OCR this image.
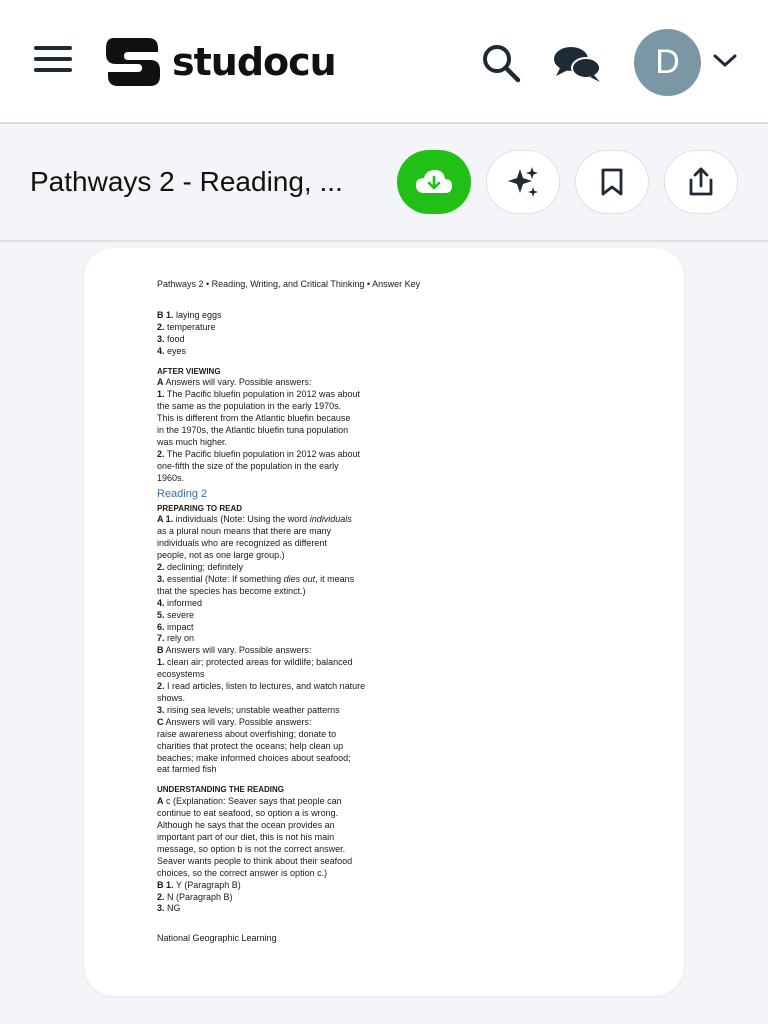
studocu	D
Pathways 2 - Reading, ...
Pathways 2 • Reading, Writing, and Critical Thinking • Answer Key
B 1. laying eggs
2. temperature
3. food
4. eyes
AFTER VIEWING
A Answers will vary. Possible answers:
1. The Pacific bluefin population in 2012 was about
the same as the population in the early 1970s.
This is different from the Atlantic bluefin because
in the 1970s, the Atlantic bluefin tuna population
was much higher.
2. The Pacific bluefin population in 2012 was about
one-fifth the size of the population in the early
1960s.
Reading 2
PREPARING TO READ
A 1. individuals (Note: Using the word individuals
as a plural noun means that there are many
individuals who are recognized as different
people, not as one large group.)
2. declining; definitely
3. essential (Note: If something dies out, it means
that the species has become extinct.)
4. informed
5. severe
6. impact
7. rely on
B Answers will vary. Possible answers:
1. clean air; protected areas for wildlife; balanced
ecosystems
2. I read articles, listen to lectures, and watch nature
shows.
3. rising sea levels; unstable weather patterns
C Answers will vary. Possible answers:
raise awareness about overfishing; donate to
charities that protect the oceans; help clean up
beaches; make informed choices about seafood;
eat farmed fish
UNDERSTANDING THE READING
A c (Explanation: Seaver says that people can
continue to eat seafood, so option a is wrong.
Although he says that the ocean provides an
important part of our diet, this is not his main
message, so option b is not the correct answer.
Seaver wants people to think about their seafood
choices, so the correct answer is option c.)
B 1. Y (Paragraph B)
2. N (Paragraph B)
3. NG
National Geographic Learning
